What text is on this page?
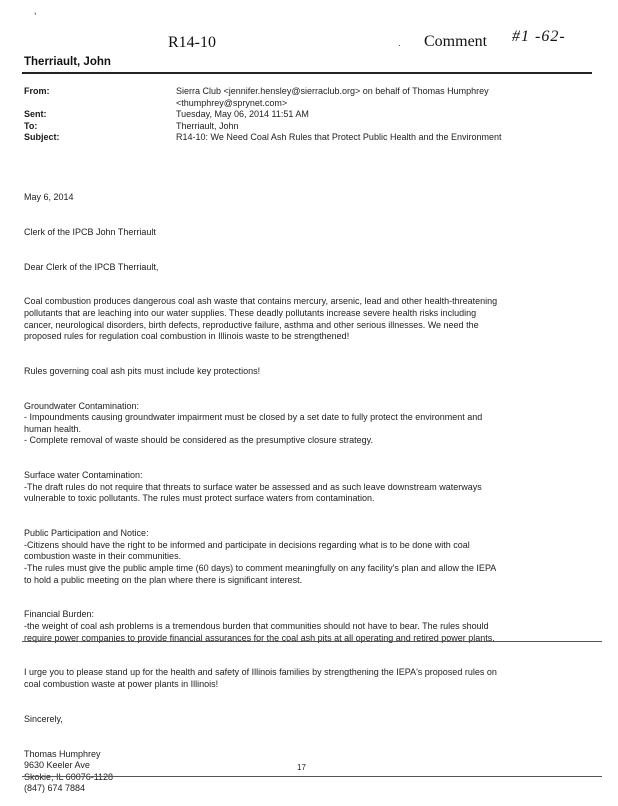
'
R14-10	· Comment #1 -62-
Therriault, John
From:	Sierra Club <jennifer.hensley@sierraclub.org> on behalf of Thomas Humphrey
<thumphrey@sprynet.com>
Sent:	Tuesday, May 06, 2014 11:51 AM
To:	Therriault, John
Subject:	R14-10: We Need Coal Ash Rules that Protect Public Health and the Environment

May 6, 2014

Clerk of the IPCB John Therriault

Dear Clerk of the IPCB Therriault,

Coal combustion produces dangerous coal ash waste that contains mercury, arsenic, lead and other health-threatening
pollutants that are leaching into our water supplies. These deadly pollutants increase severe health risks including
cancer, neurological disorders, birth defects, reproductive failure, asthma and other serious illnesses. We need the
proposed rules for regulation coal combustion in Illinois waste to be strengthened!

Rules governing coal ash pits must include key protections!

Groundwater Contamination:
- Impoundments causing groundwater impairment must be closed by a set date to fully protect the environment and
human health.
- Complete removal of waste should be considered as the presumptive closure strategy.

Surface water Contamination:
-The draft rules do not require that threats to surface water be assessed and as such leave downstream waterways
vulnerable to toxic pollutants. The rules must protect surface waters from contamination.

Public Participation and Notice:
-Citizens should have the right to be informed and participate in decisions regarding what is to be done with coal
combustion waste in their communities.
-The rules must give the public ample time (60 days) to comment meaningfully on any facility's plan and allow the IEPA
to hold a public meeting on the plan where there is significant interest.

Financial Burden:
-the weight of coal ash problems is a tremendous burden that communities should not have to bear. The rules should
require power companies to provide financial assurances for the coal ash pits at all operating and retired power plants.

I urge you to please stand up for the health and safety of Illinois families by strengthening the IEPA's proposed rules on
coal combustion waste at power plants in Illinois!

Sincerely,

Thomas Humphrey
9630 Keeler Ave
Skokie, IL 60076-1128
(847) 674 7884

17
